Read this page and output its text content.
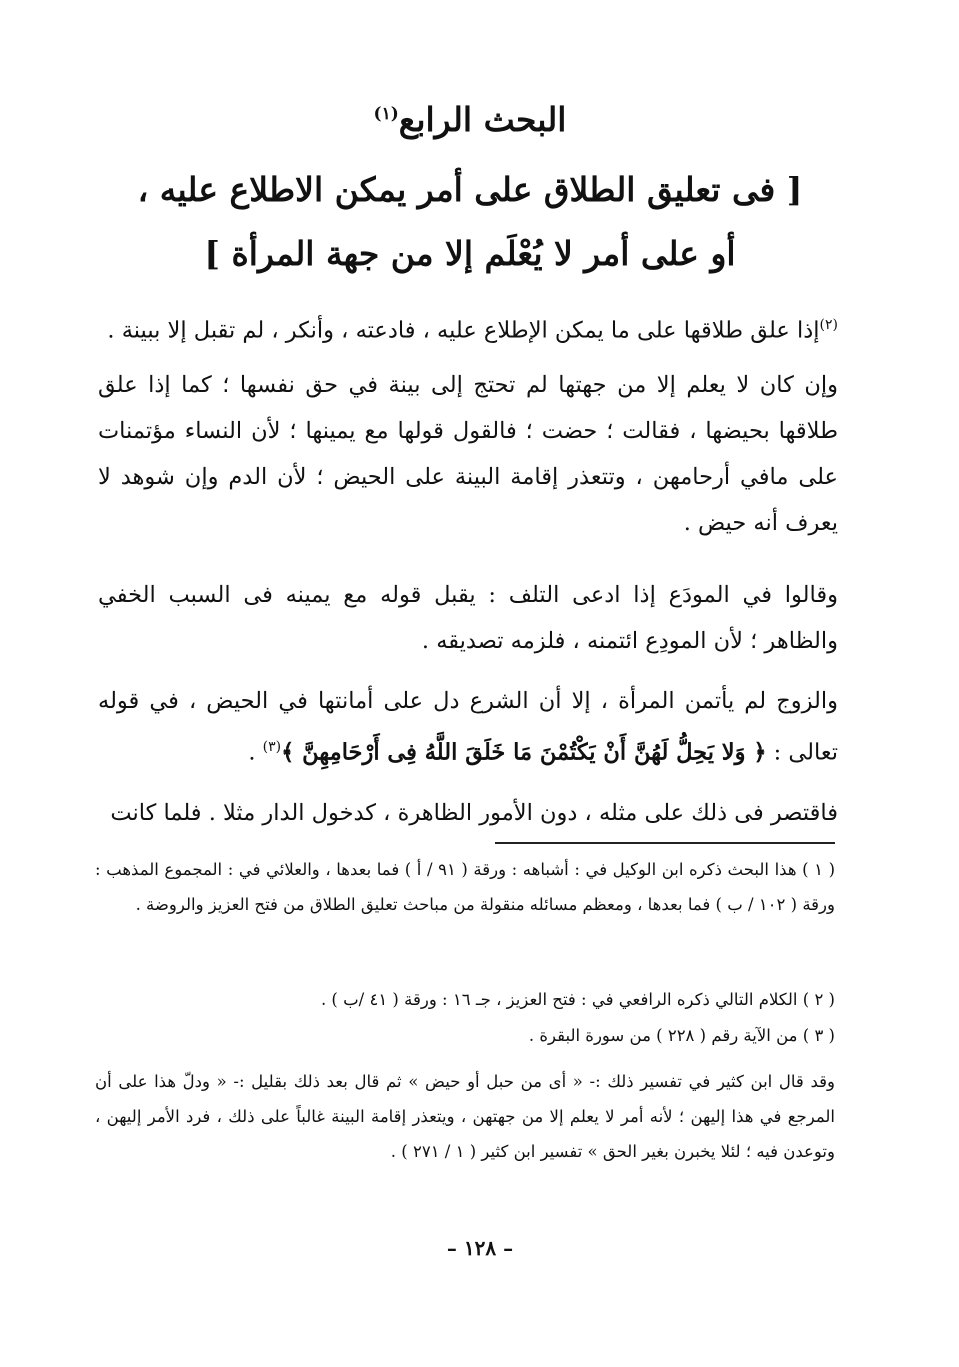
البحث الرابع$^{(١)}$
[ فى تعليق الطلاق على أمر يمكن الاطلاع عليه ،
أو على أمر لا يُعْلَم إلا من جهة المرأة ]
$^{(٢)}$إذا علق طلاقها على ما يمكن الإطلاع عليه ، فادعته ، وأنكر ، لم تقبل إلا ببينة .
وإن كان لا يعلم إلا من جهتها لم تحتج إلى بينة في حق نفسها ؛ كما إذا علق طلاقها بحيضها ، فقالت ؛ حضت ؛ فالقول قولها مع يمينها ؛ لأن النساء مؤتمنات على مافي أرحامهن ، وتتعذر إقامة البينة على الحيض ؛ لأن الدم وإن شوهد لا يعرف أنه حيض .
وقالوا في المودَع إذا ادعى التلف : يقبل قوله مع يمينه فى السبب الخفي والظاهر ؛ لأن المودِع ائتمنه ، فلزمه تصديقه .
والزوج لم يأتمن المرأة ، إلا أن الشرع دل على أمانتها في الحيض ، في قوله تعالى : ﴿ وَلا يَحِلُّ لَهُنَّ أَنْ يَكْتُمْنَ مَا خَلَقَ اللَّهُ فِى أَرْحَامِهِنَّ ﴾$^{(٣)}$ .
فاقتصر فى ذلك على مثله ، دون الأمور الظاهرة ، كدخول الدار مثلا . فلما كانت
( ١ ) هذا البحث ذكره ابن الوكيل في : أشباهه : ورقة ( ٩١ / أ ) فما بعدها ، والعلائي في : المجموع المذهب : ورقة ( ١٠٢ / ب ) فما بعدها ، ومعظم مسائله منقولة من مباحث تعليق الطلاق من فتح العزيز والروضة .
( ٢ ) الكلام التالي ذكره الرافعي في : فتح العزيز ، جـ ١٦ : ورقة ( ٤١ /ب ) .
( ٣ ) من الآية رقم ( ٢٢٨ ) من سورة البقرة .
وقد قال ابن كثير في تفسير ذلك :- « أى من حبل أو حيض » ثم قال بعد ذلك بقليل :- « ودلّ هذا على أن المرجع في هذا إليهن ؛ لأنه أمر لا يعلم إلا من جهتهن ، ويتعذر إقامة البينة غالباً على ذلك ، فرد الأمر إليهن ، وتوعدن فيه ؛ لئلا يخبرن بغير الحق » تفسير ابن كثير ( ١ / ٢٧١ ) .
– ١٢٨ –
